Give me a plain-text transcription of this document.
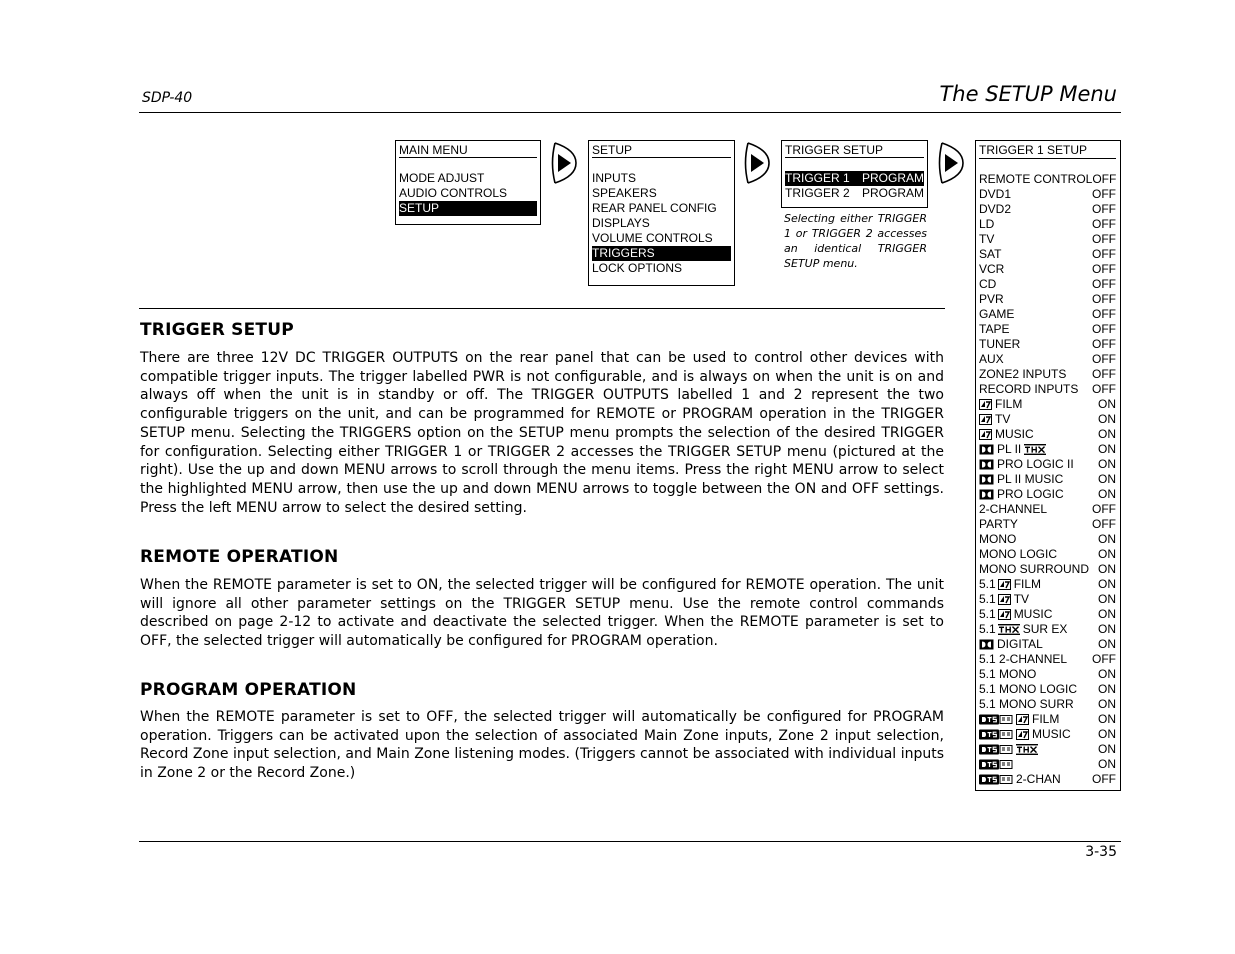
SDP-40	The SETUP Menu
MAIN MENU
MODE ADJUST
AUDIO CONTROLS
SETUP
SETUP
INPUTS
SPEAKERS
REAR PANEL CONFIG
DISPLAYS
VOLUME CONTROLS
TRIGGERS
LOCK OPTIONS
TRIGGER SETUP
TRIGGER 1 PROGRAM
TRIGGER 2 PROGRAM
Selecting either TRIGGER 1 or TRIGGER 2 accesses an identical TRIGGER SETUP menu.
TRIGGER 1 SETUP
REMOTE CONTROL OFF
DVD1	OFF
DVD2	OFF
LD	OFF
TV	OFF
SAT	OFF
VCR	OFF
CD	OFF
PVR	OFF
GAME	OFF
TAPE	OFF
TUNER	OFF
AUX	OFF
ZONE2 INPUTS OFF
RECORD INPUTS OFF
FILM	ON
TV	ON
MUSIC	ON
PL II	ON
PRO LOGIC II ON
PL II MUSIC	ON
PRO LOGIC	ON
2-CHANNEL	OFF
PARTY	OFF
MONO	ON
MONO LOGIC	ON
MONO SURROUND ON
5.1 FILM	ON
5.1 TV	ON
5.1 MUSIC	ON
5.1 SUR EX	ON
DIGITAL	ON
5.1 2-CHANNEL OFF
5.1 MONO	ON
5.1 MONO LOGIC ON
5.1 MONO SURR ON
FILM	ON
MUSIC ON
ON
ON
2-CHAN	OFF
TRIGGER SETUP
There are three 12V DC TRIGGER OUTPUTS on the rear panel that can be used to control other devices with compatible trigger inputs. The trigger labelled PWR is not configurable, and is always on when the unit is on and always off when the unit is in standby or off. The TRIGGER OUTPUTS labelled 1 and 2 represent the two configurable triggers on the unit, and can be programmed for REMOTE or PROGRAM operation in the TRIGGER SETUP menu. Selecting the TRIGGERS option on the SETUP menu prompts the selection of the desired TRIGGER for configuration. Selecting either TRIGGER 1 or TRIGGER 2 accesses the TRIGGER SETUP menu (pictured at the right). Use the up and down MENU arrows to scroll through the menu items. Press the right MENU arrow to select the highlighted MENU arrow, then use the up and down MENU arrows to toggle between the ON and OFF settings. Press the left MENU arrow to select the desired setting.
REMOTE OPERATION
When the REMOTE parameter is set to ON, the selected trigger will be configured for REMOTE operation. The unit will ignore all other parameter settings on the TRIGGER SETUP menu. Use the remote control commands described on page 2-12 to activate and deactivate the selected trigger. When the REMOTE parameter is set to OFF, the selected trigger will automatically be configured for PROGRAM operation.
PROGRAM OPERATION
When the REMOTE parameter is set to OFF, the selected trigger will automatically be configured for PROGRAM operation. Triggers can be activated upon the selection of associated Main Zone inputs, Zone 2 input selection, Record Zone input selection, and Main Zone listening modes. (Triggers cannot be associated with individual inputs in Zone 2 or the Record Zone.)
3-35
